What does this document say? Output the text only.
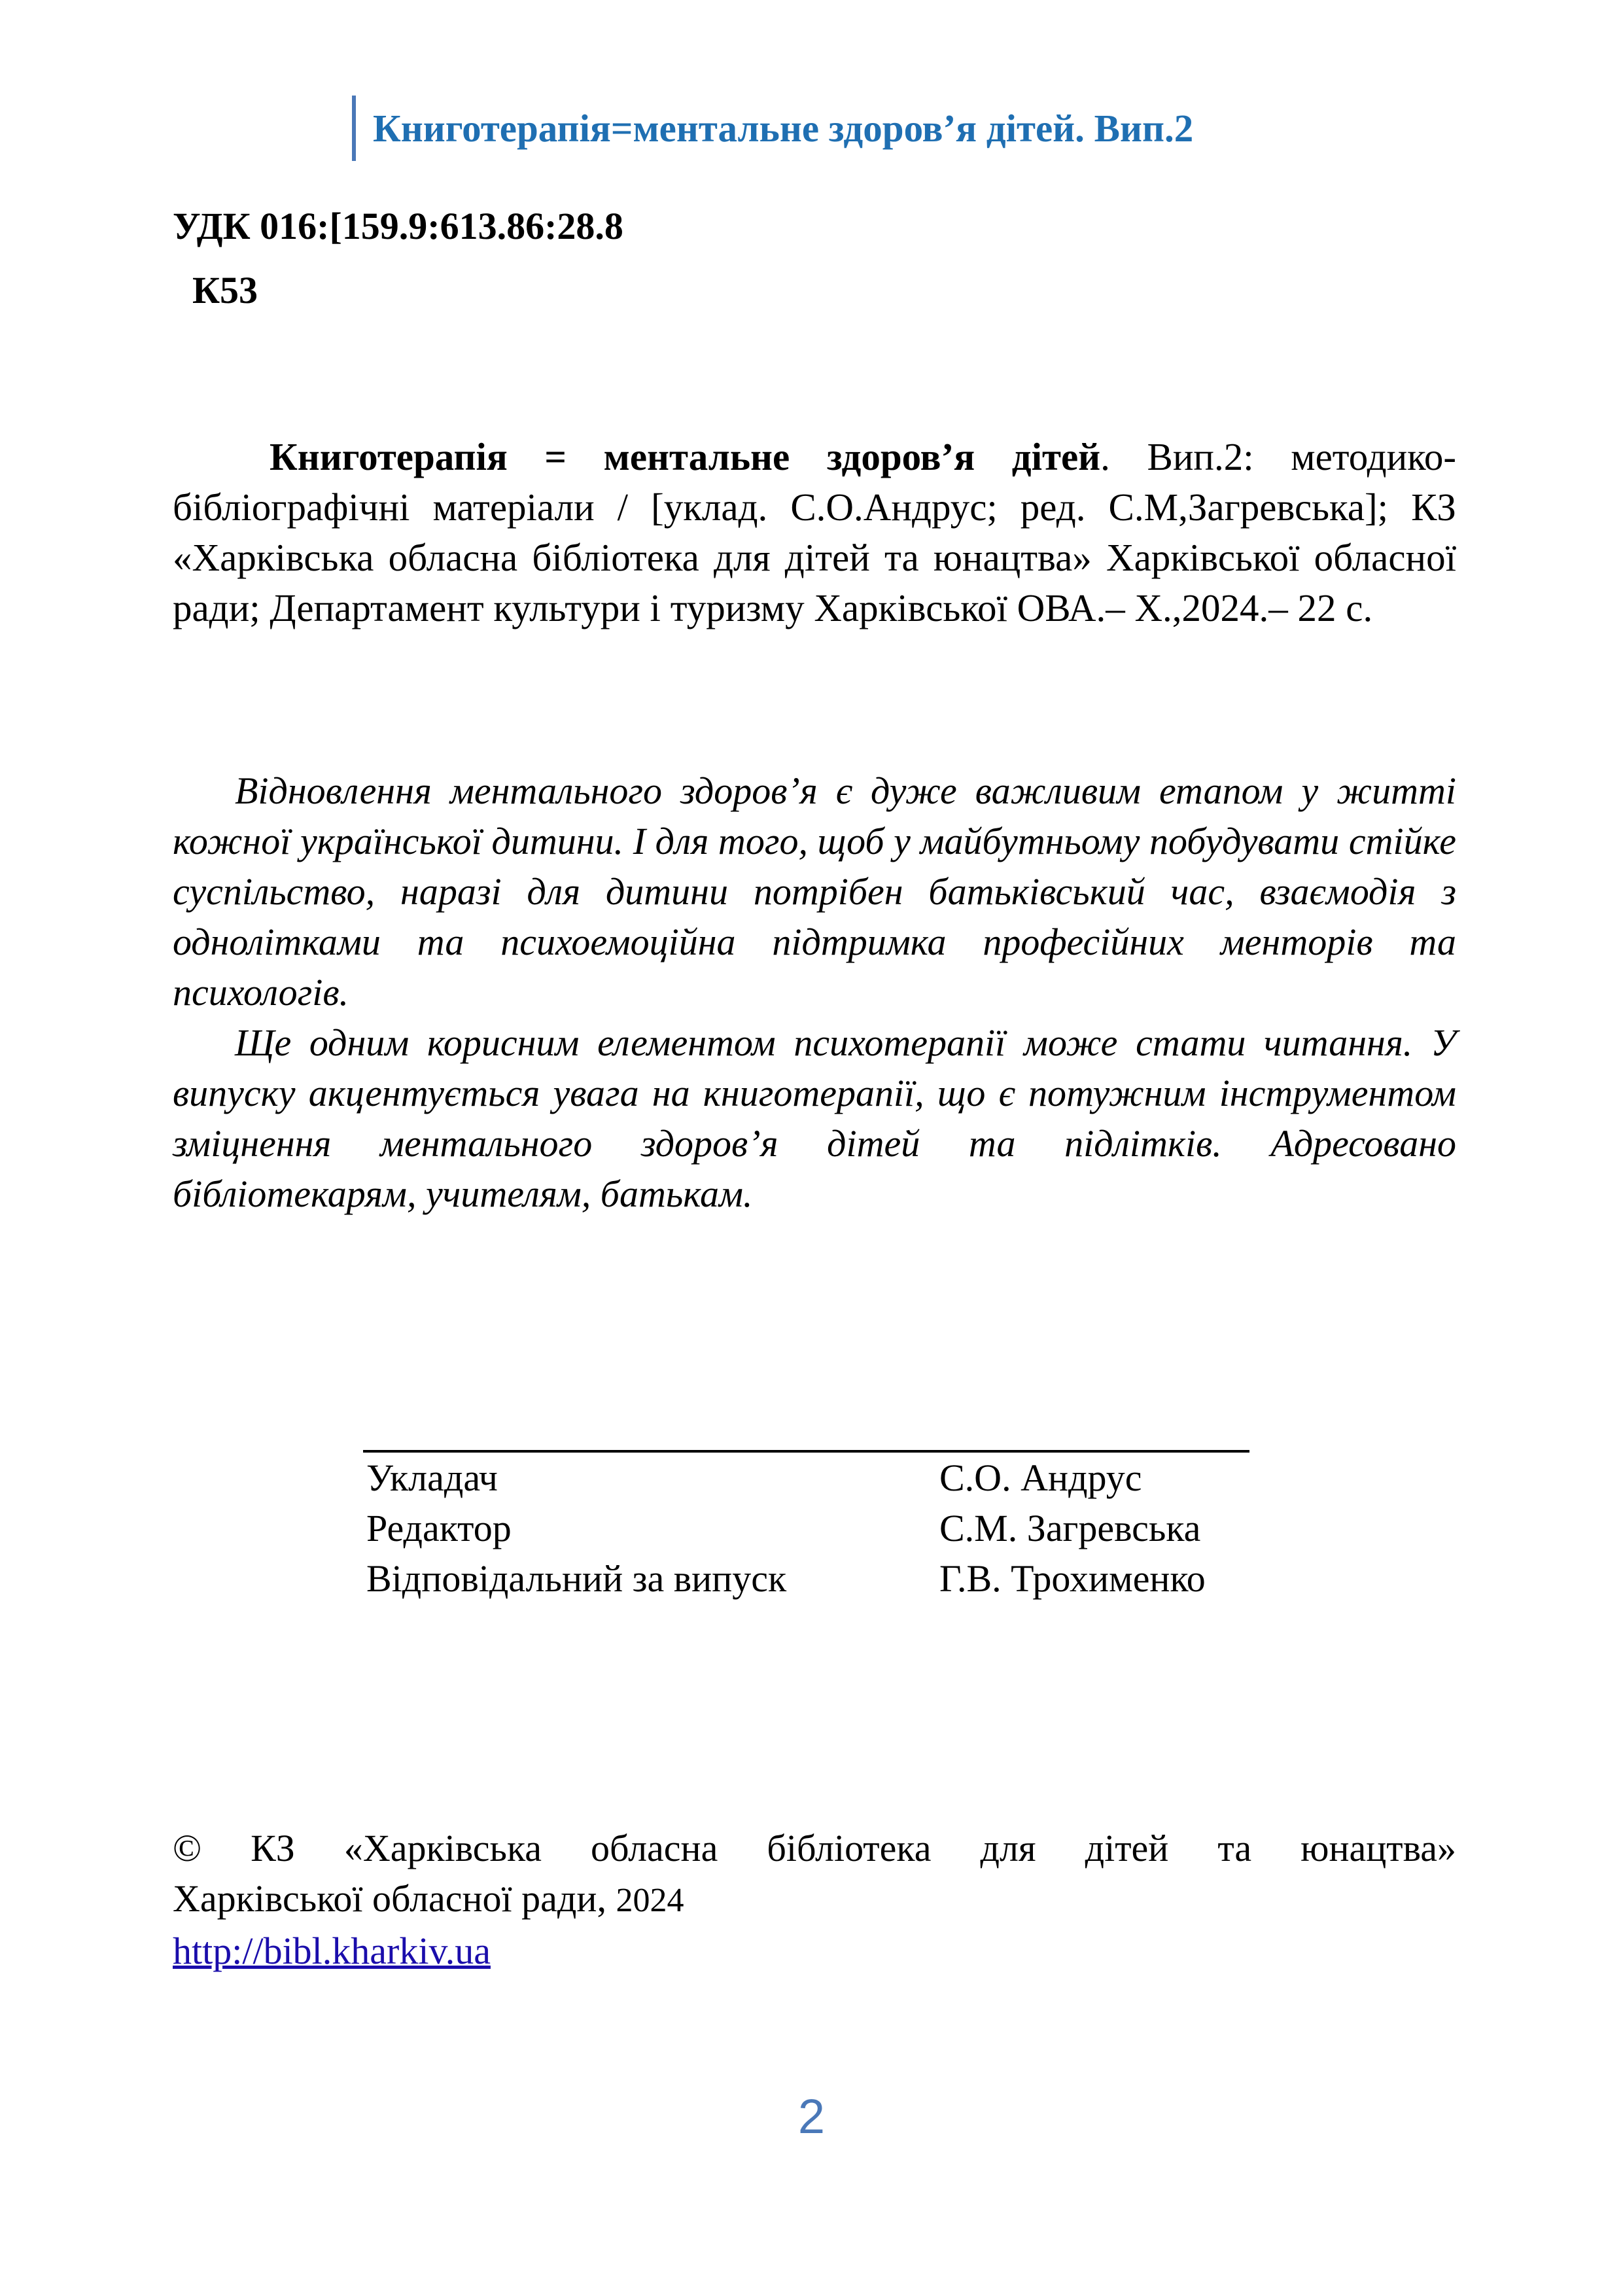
Книготерапія=ментальне здоров’я дітей. Вип.2
УДК 016:[159.9:613.86:28.8
К53
Книготерапія = ментальне здоров’я дітей. Вип.2: методико-бібліографічні матеріали / [уклад. С.О.Андрус; ред. С.М,Загревська]; КЗ «Харківська обласна бібліотека для дітей та юнацтва» Харківської обласної ради; Департамент культури і туризму Харківської ОВА.– Х.,2024.– 22 с.

Відновлення ментального здоров’я є дуже важливим етапом у житті кожної української дитини. І для того, щоб у майбутньому побудувати стійке суспільство, наразі для дитини потрібен батьківський час, взаємодія з однолітками та психоемоційна підтримка професійних менторів та психологів.

Ще одним корисним елементом психотерапії може стати читання. У випуску акцентується увага на книготерапії, що є потужним інструментом зміцнення ментального здоров’я дітей та підлітків. Адресовано бібліотекарям, учителям, батькам.

Укладач	С.О. Андрус
Редактор	С.М. Загревська
Відповідальний за випуск	Г.В. Трохименко
© КЗ «Харківська обласна бібліотека для дітей та юнацтва»
Харківської обласної ради, 2024
http://bibl.kharkiv.ua
2
